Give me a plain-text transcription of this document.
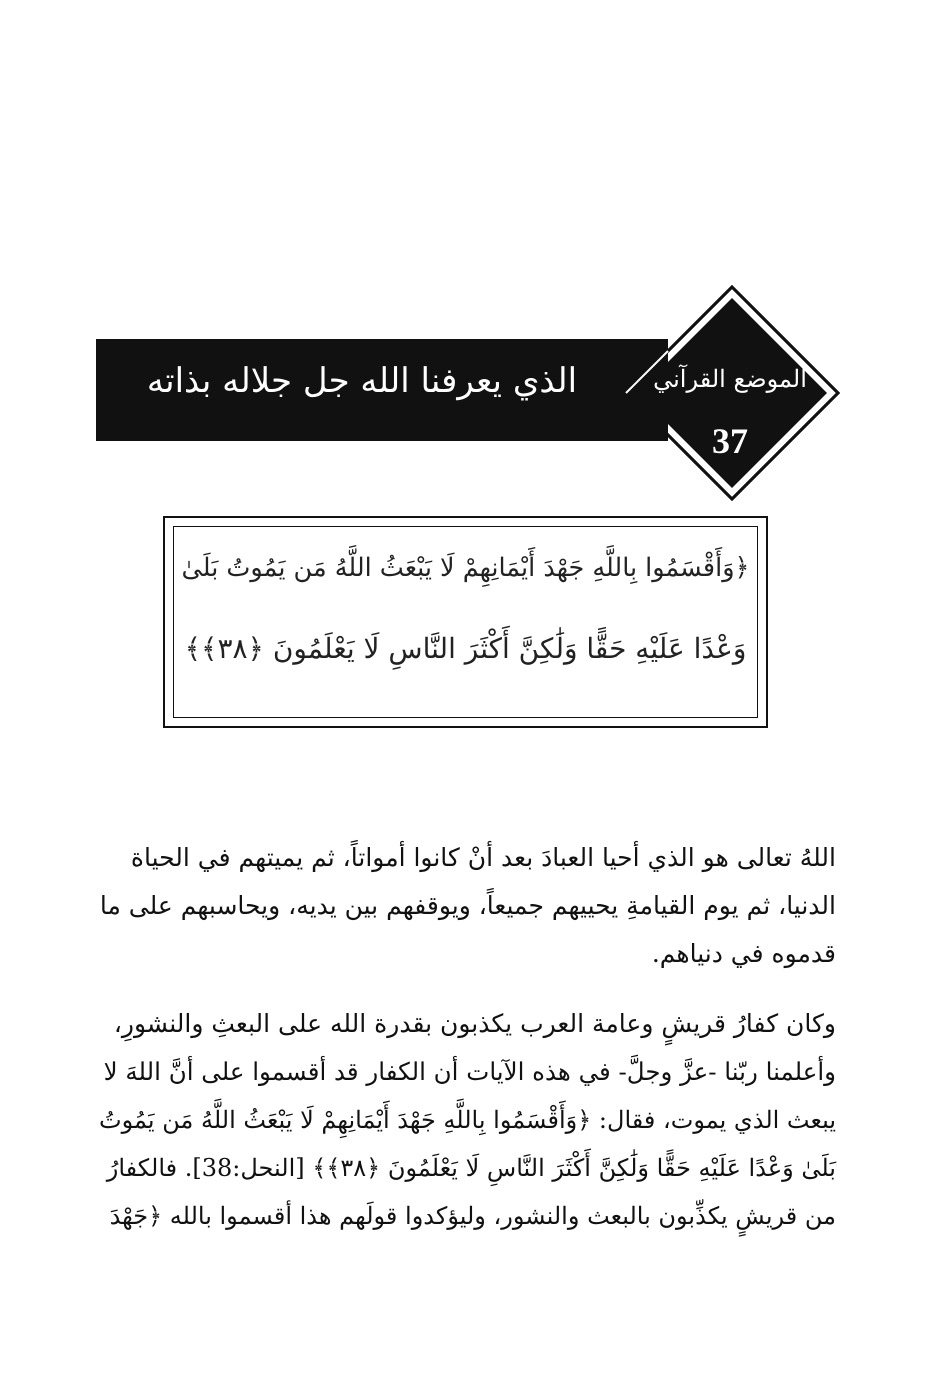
الذي يعرفنا الله جل جلاله بذاته	الموضع القرآني
37
﴿وَأَقْسَمُوا بِاللَّهِ جَهْدَ أَيْمَانِهِمْ لَا يَبْعَثُ اللَّهُ مَن يَمُوتُ بَلَىٰ
وَعْدًا عَلَيْهِ حَقًّا وَلَٰكِنَّ أَكْثَرَ النَّاسِ لَا يَعْلَمُونَ ﴿٣٨﴾﴾
اللهُ تعالى هو الذي أحيا العبادَ بعد أنْ كانوا أمواتاً، ثم يميتهم في الحياة
الدنيا، ثم يوم القيامةِ يحييهم جميعاً، ويوقفهم بين يديه، ويحاسبهم على ما
قدموه في دنياهم.
وكان كفارُ قريشٍ وعامة العرب يكذبون بقدرة الله على البعثِ والنشورِ،
وأعلمنا ربّنا -عزَّ وجلَّ- في هذه الآيات أن الكفار قد أقسموا على أنَّ اللهَ لا
يبعث الذي يموت، فقال: ﴿وَأَقْسَمُوا بِاللَّهِ جَهْدَ أَيْمَانِهِمْ لَا يَبْعَثُ اللَّهُ مَن يَمُوتُ
بَلَىٰ وَعْدًا عَلَيْهِ حَقًّا وَلَٰكِنَّ أَكْثَرَ النَّاسِ لَا يَعْلَمُونَ ﴿٣٨﴾﴾ [النحل:38]. فالكفارُ
من قريشٍ يكذِّبون بالبعث والنشور، وليؤكدوا قولَهم هذا أقسموا بالله ﴿جَهْدَ
